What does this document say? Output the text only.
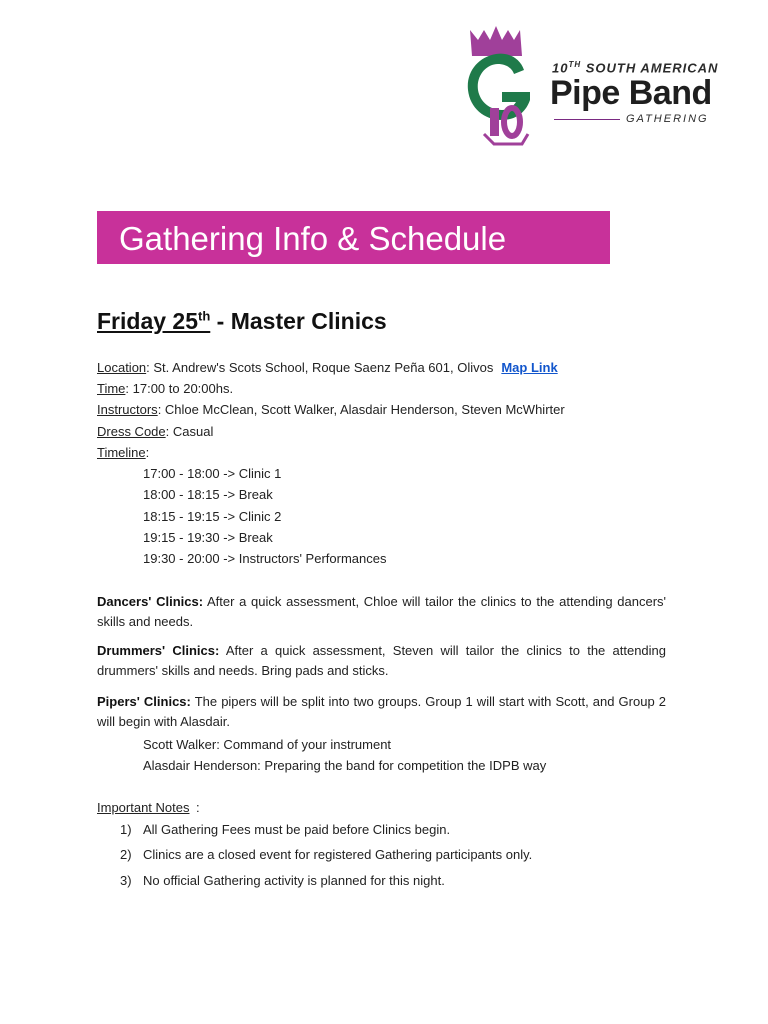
10TH SOUTH AMERICAN
Pipe Band
GATHERING
Gathering Info & Schedule
Friday 25th - Master Clinics
Location: St. Andrew's Scots School, Roque Saenz Peña 601, Olivos Map Link
Time: 17:00 to 20:00hs.
Instructors: Chloe McClean, Scott Walker, Alasdair Henderson, Steven McWhirter
Dress Code: Casual
Timeline:
17:00 - 18:00 -> Clinic 1
18:00 - 18:15 -> Break
18:15 - 19:15 -> Clinic 2
19:15 - 19:30 -> Break
19:30 - 20:00 -> Instructors' Performances
Dancers' Clinics: After a quick assessment, Chloe will tailor the clinics to the attending dancers' skills and needs.
Drummers' Clinics: After a quick assessment, Steven will tailor the clinics to the attending drummers' skills and needs. Bring pads and sticks.
Pipers' Clinics: The pipers will be split into two groups. Group 1 will start with Scott, and Group 2 will begin with Alasdair.
Scott Walker: Command of your instrument
Alasdair Henderson: Preparing the band for competition the IDPB way
Important Notes :
1) All Gathering Fees must be paid before Clinics begin.
2) Clinics are a closed event for registered Gathering participants only.
3) No official Gathering activity is planned for this night.
